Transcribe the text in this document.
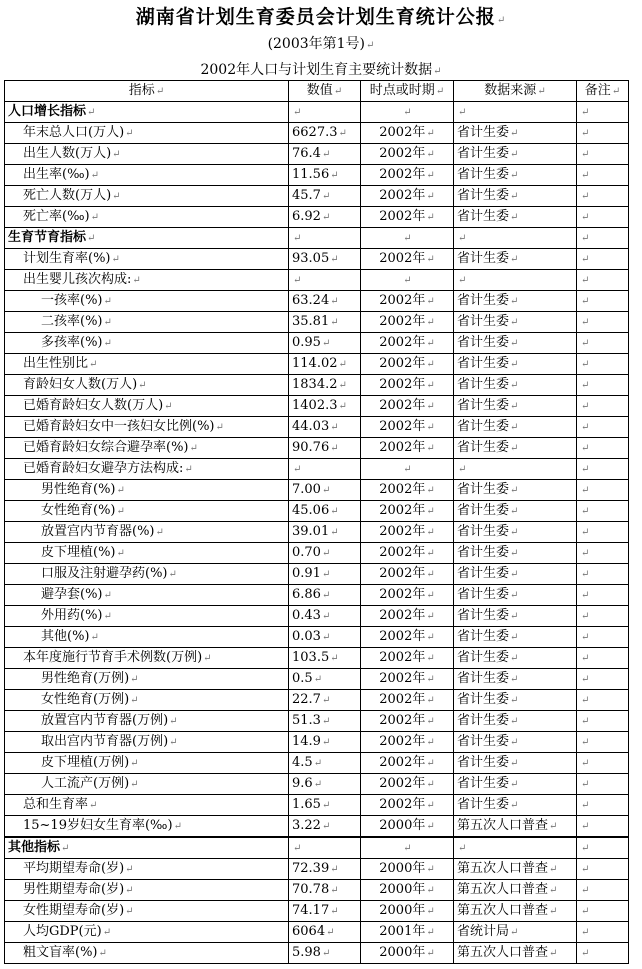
湖南省计划生育委员会计划生育统计公报↵
(2003年第1号)↵
2002年人口与计划生育主要统计数据↵
指标↵	数值↵	时点或时期↵	数据来源↵	备注↵
人口增长指标↵	↵	↵	↵	↵
年末总人口(万人)↵	6627.3↵	2002年↵	省计生委↵	↵
出生人数(万人)↵	76.4↵	2002年↵	省计生委↵	↵
出生率(‰)↵	11.56↵	2002年↵	省计生委↵	↵
死亡人数(万人)↵	45.7↵	2002年↵	省计生委↵	↵
死亡率(‰)↵	6.92↵	2002年↵	省计生委↵	↵
生育节育指标↵	↵	↵	↵	↵
计划生育率(%)↵	93.05↵	2002年↵	省计生委↵	↵
出生婴儿孩次构成:↵	↵	↵	↵	↵
一孩率(%)↵	63.24↵	2002年↵	省计生委↵	↵
二孩率(%)↵	35.81↵	2002年↵	省计生委↵	↵
多孩率(%)↵	0.95↵	2002年↵	省计生委↵	↵
出生性别比↵	114.02↵	2002年↵	省计生委↵	↵
育龄妇女人数(万人)↵	1834.2↵	2002年↵	省计生委↵	↵
已婚育龄妇女人数(万人)↵	1402.3↵	2002年↵	省计生委↵	↵
已婚育龄妇女中一孩妇女比例(%)↵	44.03↵	2002年↵	省计生委↵	↵
已婚育龄妇女综合避孕率(%)↵	90.76↵	2002年↵	省计生委↵	↵
已婚育龄妇女避孕方法构成:↵	↵	↵	↵	↵
男性绝育(%)↵	7.00↵	2002年↵	省计生委↵	↵
女性绝育(%)↵	45.06↵	2002年↵	省计生委↵	↵
放置宫内节育器(%)↵	39.01↵	2002年↵	省计生委↵	↵
皮下埋植(%)↵	0.70↵	2002年↵	省计生委↵	↵
口服及注射避孕药(%)↵	0.91↵	2002年↵	省计生委↵	↵
避孕套(%)↵	6.86↵	2002年↵	省计生委↵	↵
外用药(%)↵	0.43↵	2002年↵	省计生委↵	↵
其他(%)↵	0.03↵	2002年↵	省计生委↵	↵
本年度施行节育手术例数(万例)↵	103.5↵	2002年↵	省计生委↵	↵
男性绝育(万例)↵	0.5↵	2002年↵	省计生委↵	↵
女性绝育(万例)↵	22.7↵	2002年↵	省计生委↵	↵
放置宫内节育器(万例)↵	51.3↵	2002年↵	省计生委↵	↵
取出宫内节育器(万例)↵	14.9↵	2002年↵	省计生委↵	↵
皮下埋植(万例)↵	4.5↵	2002年↵	省计生委↵	↵
人工流产(万例)↵	9.6↵	2002年↵	省计生委↵	↵
总和生育率↵	1.65↵	2002年↵	省计生委↵	↵
15~19岁妇女生育率(‰)↵	3.22↵	2000年↵	第五次人口普查↵	↵
其他指标↵	↵	↵	↵	↵
平均期望寿命(岁)↵	72.39↵	2000年↵	第五次人口普查↵	↵
男性期望寿命(岁)↵	70.78↵	2000年↵	第五次人口普查↵	↵
女性期望寿命(岁)↵	74.17↵	2000年↵	第五次人口普查↵	↵
人均GDP(元)↵	6064↵	2001年↵	省统计局↵	↵
粗文盲率(%)↵	5.98↵	2000年↵	第五次人口普查↵	↵
